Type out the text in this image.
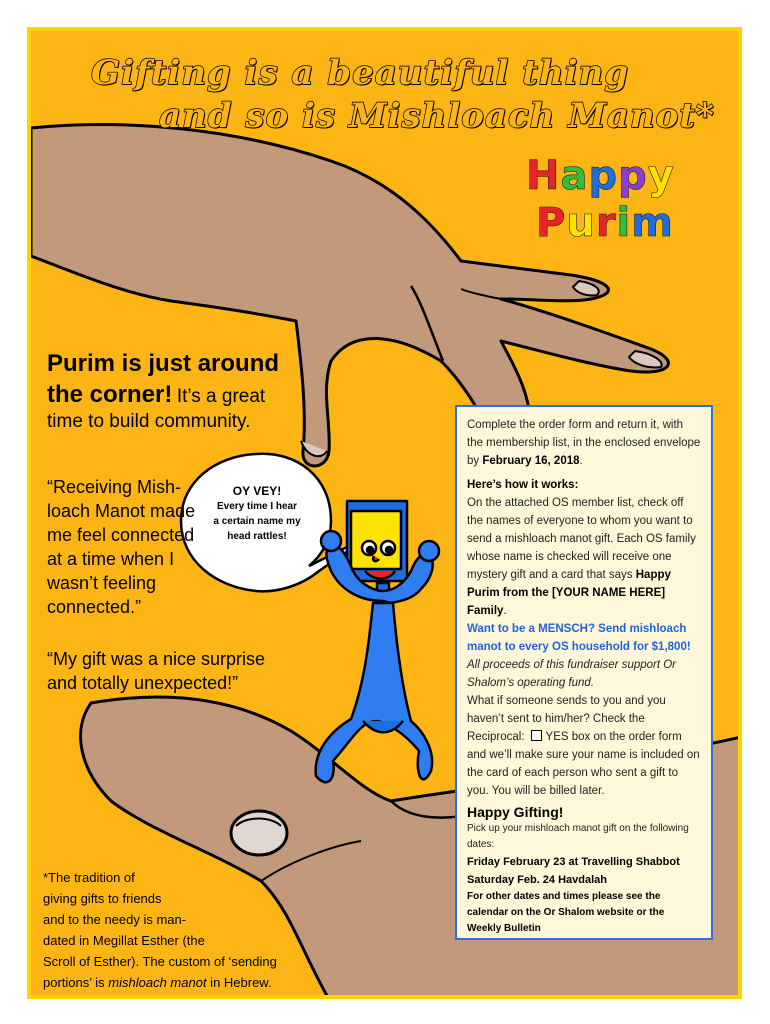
Gifting is a beautiful thing
and so is Mishloach Manot*
Happy
Purim
Purim is just around the corner! It’s a great time to build community.
“Receiving Mish-loach Manot made me feel connected at a time when I wasn’t feeling connected.”
“My gift was a nice surprise and totally unexpected!”
OY VEY!
Every time I hear a certain name my head rattles!
*The tradition of
giving gifts to friends
and to the needy is man-
dated in Megillat Esther (the
Scroll of Esther). The custom of ‘sending
portions’ is mishloach manot in Hebrew.

Complete the order form and return it, with the membership list, in the enclosed envelope by February 16, 2018.

Here’s how it works:

On the attached OS member list, check off the names of everyone to whom you want to send a mishloach manot gift. Each OS family whose name is checked will receive one mystery gift and a card that says Happy Purim from the [YOUR NAME HERE] Family.

Want to be a MENSCH? Send mishloach manot to every OS household for $1,800!

All proceeds of this fundraiser support Or Shalom’s operating fund.

What if someone sends to you and you haven’t sent to him/her? Check the Reciprocal: YES box on the order form and we’ll make sure your name is included on the card of each person who sent a gift to you. You will be billed later.

Happy Gifting!

Pick up your mishloach manot gift on the following dates:

Friday February 23 at Travelling Shabbot

Saturday Feb. 24 Havdalah

For other dates and times please see the calendar on the Or Shalom website or the Weekly Bulletin
